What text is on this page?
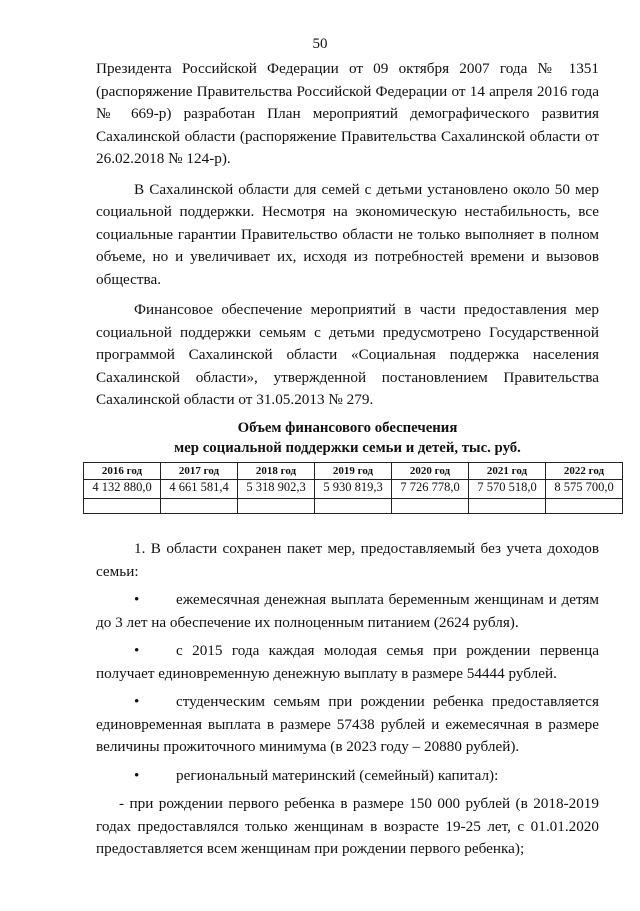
50

Президента Российской Федерации от 09 октября 2007 года № 1351 (распоряжение Правительства Российской Федерации от 14 апреля 2016 года № 669-р) разработан План мероприятий демографического развития Сахалинской области (распоряжение Правительства Сахалинской области от 26.02.2018 № 124-р).

В Сахалинской области для семей с детьми установлено около 50 мер социальной поддержки. Несмотря на экономическую нестабильность, все социальные гарантии Правительство области не только выполняет в полном объеме, но и увеличивает их, исходя из потребностей времени и вызовов общества.

Финансовое обеспечение мероприятий в части предоставления мер социальной поддержки семьям с детьми предусмотрено Государственной программой Сахалинской области «Социальная поддержка населения Сахалинской области», утвержденной постановлением Правительства Сахалинской области от 31.05.2013 № 279.

Объем финансового обеспечения
мер социальной поддержки семьи и детей, тыс. руб.
2016 год	2017 год	2018 год	2019 год	2020 год	2021 год	2022 год
4 132 880,0	4 661 581,4	5 318 902,3	5 930 819,3	7 726 778,0	7 570 518,0	8 575 700,0

1. В области сохранен пакет мер, предоставляемый без учета доходов семьи:

• ежемесячная денежная выплата беременным женщинам и детям до 3 лет на обеспечение их полноценным питанием (2624 рубля).

• с 2015 года каждая молодая семья при рождении первенца получает единовременную денежную выплату в размере 54444 рублей.

• студенческим семьям при рождении ребенка предоставляется единовременная выплата в размере 57438 рублей и ежемесячная в размере величины прожиточного минимума (в 2023 году – 20880 рублей).

• региональный материнский (семейный) капитал):

- при рождении первого ребенка в размере 150 000 рублей (в 2018-2019 годах предоставлялся только женщинам в возрасте 19-25 лет, с 01.01.2020 предоставляется всем женщинам при рождении первого ребенка);
